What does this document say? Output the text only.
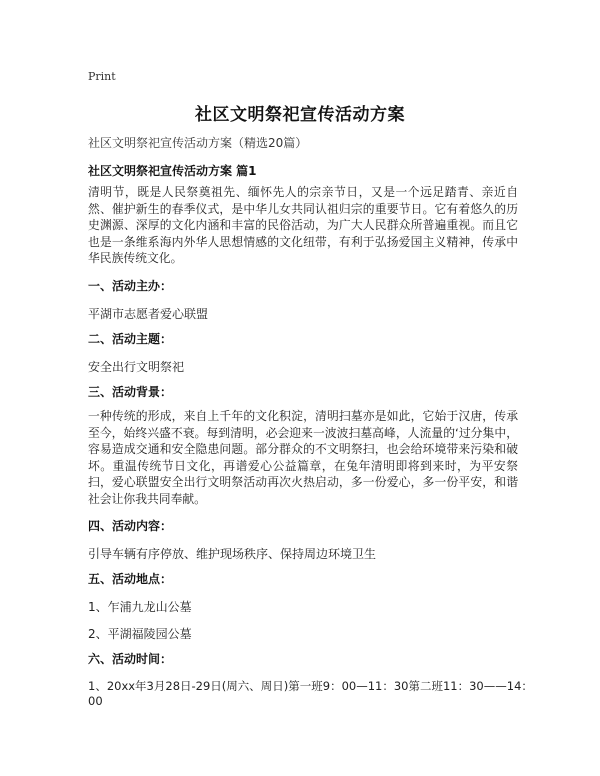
Print
社区文明祭祀宣传活动方案
社区文明祭祀宣传活动方案（精选20篇）
社区文明祭祀宣传活动方案 篇1
清明节，既是人民祭奠祖先、缅怀先人的宗亲节日，又是一个远足踏青、亲近自然、催护新生的春季仪式，是中华儿女共同认祖归宗的重要节日。它有着悠久的历史渊源、深厚的文化内涵和丰富的民俗活动，为广大人民群众所普遍重视。而且它也是一条维系海内外华人思想情感的文化纽带，有利于弘扬爱国主义精神，传承中华民族传统文化。
一、活动主办：
平湖市志愿者爱心联盟
二、活动主题：
安全出行文明祭祀
三、活动背景：
一种传统的形成，来自上千年的文化积淀，清明扫墓亦是如此，它始于汉唐，传承至今，始终兴盛不衰。每到清明，必会迎来一波波扫墓高峰，人流量的‘过分集中，容易造成交通和安全隐患问题。部分群众的不文明祭扫，也会给环境带来污染和破坏。重温传统节日文化，再谱爱心公益篇章，在兔年清明即将到来时，为平安祭扫，爱心联盟安全出行文明祭活动再次火热启动，多一份爱心，多一份平安，和谐社会让你我共同奉献。
四、活动内容：
引导车辆有序停放、维护现场秩序、保持周边环境卫生
五、活动地点：
1、乍浦九龙山公墓
2、平湖福陵园公墓
六、活动时间：
1、20xx年3月28日-29日(周六、周日)第一班9：00—11：30第二班11：30——14：
00
